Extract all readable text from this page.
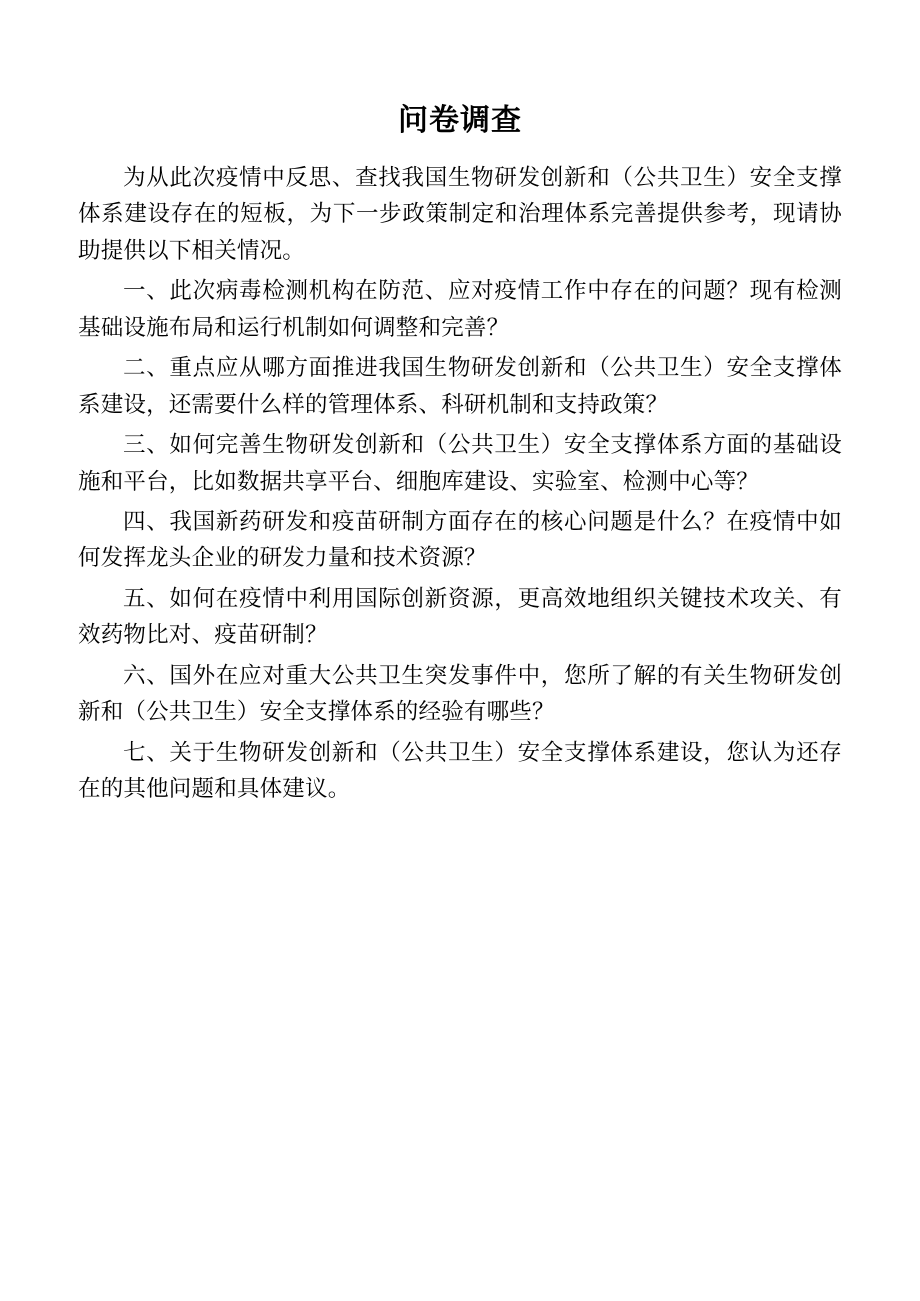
问卷调查

为从此次疫情中反思、查找我国生物研发创新和（公共卫生）安全支撑体系建设存在的短板，为下一步政策制定和治理体系完善提供参考，现请协助提供以下相关情况。

一、此次病毒检测机构在防范、应对疫情工作中存在的问题？现有检测基础设施布局和运行机制如何调整和完善？

二、重点应从哪方面推进我国生物研发创新和（公共卫生）安全支撑体系建设，还需要什么样的管理体系、科研机制和支持政策？

三、如何完善生物研发创新和（公共卫生）安全支撑体系方面的基础设施和平台，比如数据共享平台、细胞库建设、实验室、检测中心等？

四、我国新药研发和疫苗研制方面存在的核心问题是什么？在疫情中如何发挥龙头企业的研发力量和技术资源？

五、如何在疫情中利用国际创新资源，更高效地组织关键技术攻关、有效药物比对、疫苗研制？

六、国外在应对重大公共卫生突发事件中，您所了解的有关生物研发创新和（公共卫生）安全支撑体系的经验有哪些？

七、关于生物研发创新和（公共卫生）安全支撑体系建设，您认为还存在的其他问题和具体建议。
